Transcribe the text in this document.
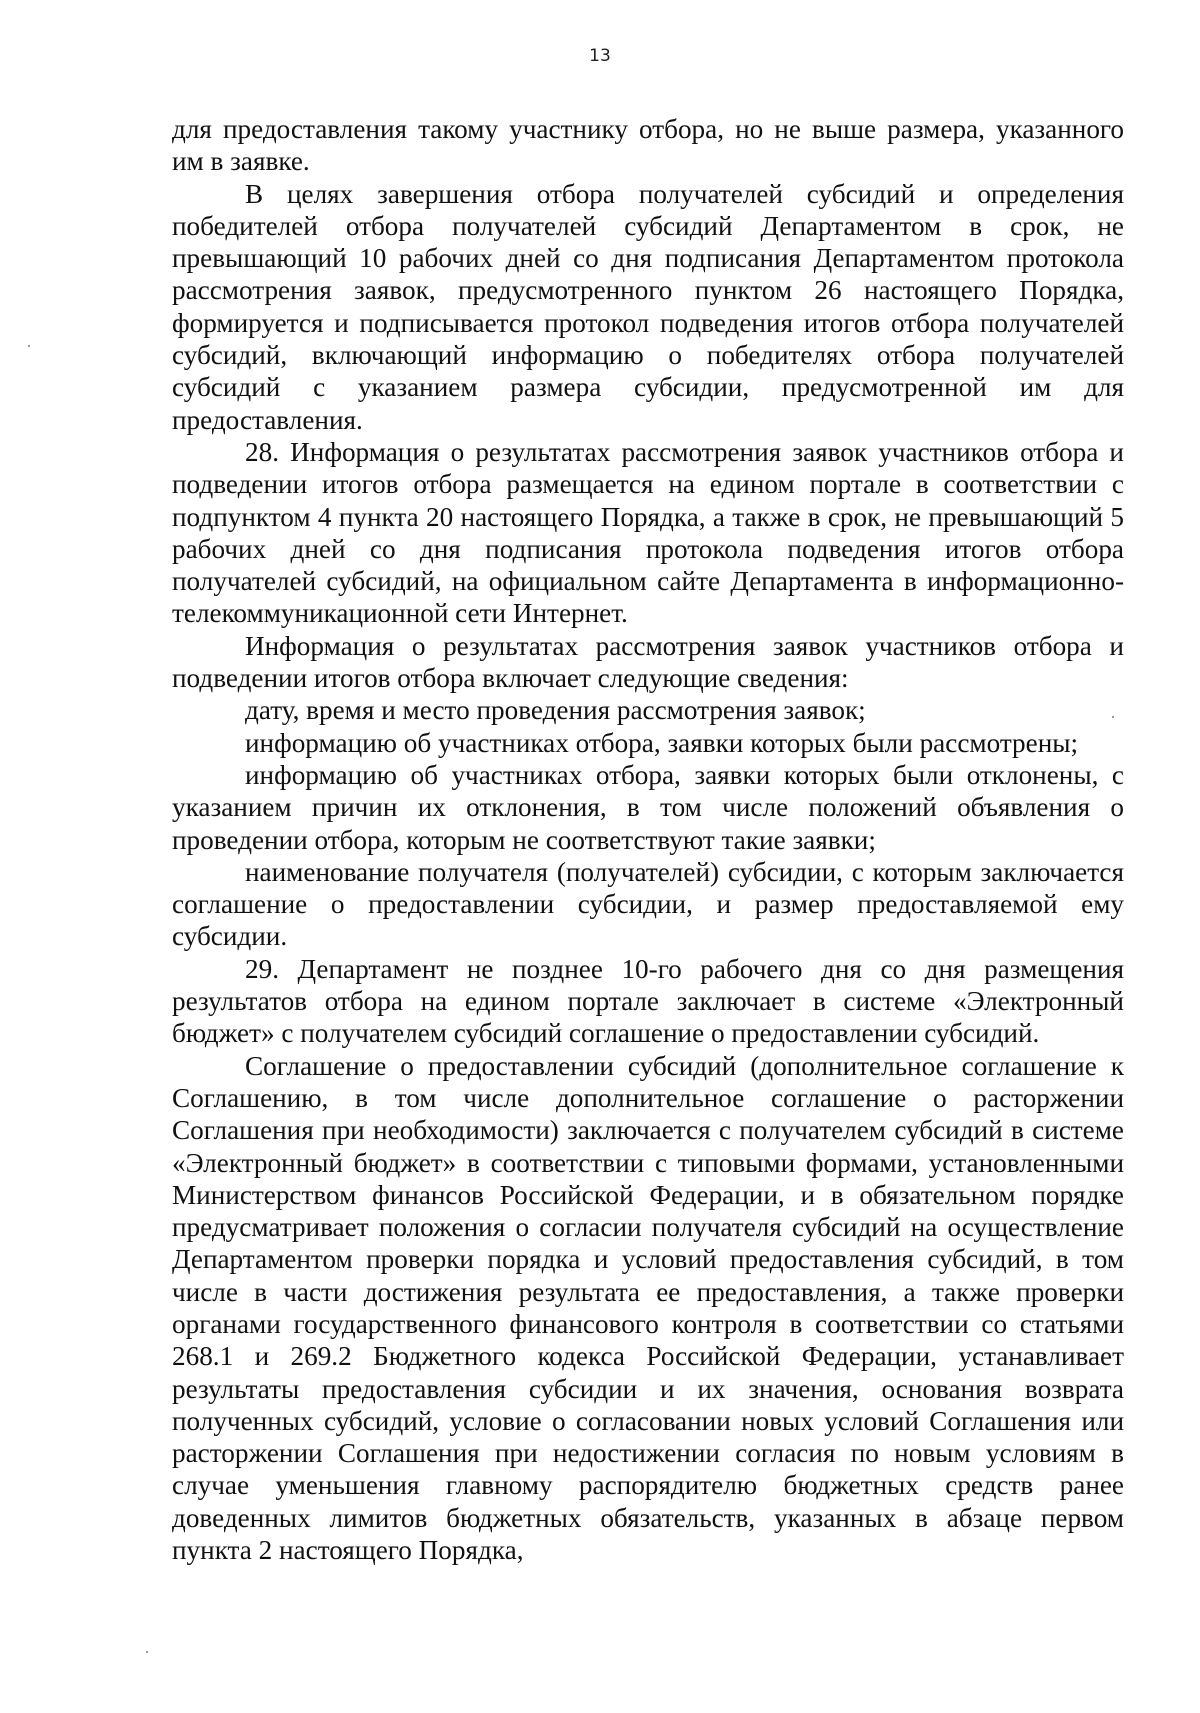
13

для предоставления такому участнику отбора, но не выше размера, указанного им в заявке.

В целях завершения отбора получателей субсидий и определения победителей отбора получателей субсидий Департаментом в срок, не превышающий 10 рабочих дней со дня подписания Департаментом протокола рассмотрения заявок, предусмотренного пунктом 26 настоящего Порядка, формируется и подписывается протокол подведения итогов отбора получателей субсидий, включающий информацию о победителях отбора получателей субсидий с указанием размера субсидии, предусмотренной им для предоставления.

28. Информация о результатах рассмотрения заявок участников отбора и подведении итогов отбора размещается на едином портале в соответствии с подпунктом 4 пункта 20 настоящего Порядка, а также в срок, не превышающий 5 рабочих дней со дня подписания протокола подведения итогов отбора получателей субсидий, на официальном сайте Департамента в информационно-телекоммуникационной сети Интернет.

Информация о результатах рассмотрения заявок участников отбора и подведении итогов отбора включает следующие сведения:

дату, время и место проведения рассмотрения заявок;

информацию об участниках отбора, заявки которых были рассмотрены;

информацию об участниках отбора, заявки которых были отклонены, с указанием причин их отклонения, в том числе положений объявления о проведении отбора, которым не соответствуют такие заявки;

наименование получателя (получателей) субсидии, с которым заключается соглашение о предоставлении субсидии, и размер предоставляемой ему субсидии.

29. Департамент не позднее 10-го рабочего дня со дня размещения результатов отбора на едином портале заключает в системе «Электронный бюджет» с получателем субсидий соглашение о предоставлении субсидий.

Соглашение о предоставлении субсидий (дополнительное соглашение к Соглашению, в том числе дополнительное соглашение о расторжении Соглашения при необходимости) заключается с получателем субсидий в системе «Электронный бюджет» в соответствии с типовыми формами, установленными Министерством финансов Российской Федерации, и в обязательном порядке предусматривает положения о согласии получателя субсидий на осуществление Департаментом проверки порядка и условий предоставления субсидий, в том числе в части достижения результата ее предоставления, а также проверки органами государственного финансового контроля в соответствии со статьями 268.1 и 269.2 Бюджетного кодекса Российской Федерации, устанавливает результаты предоставления субсидии и их значения, основания возврата полученных субсидий, условие о согласовании новых условий Соглашения или расторжении Соглашения при недостижении согласия по новым условиям в случае уменьшения главному распорядителю бюджетных средств ранее доведенных лимитов бюджетных обязательств, указанных в абзаце первом пункта 2 настоящего Порядка,
